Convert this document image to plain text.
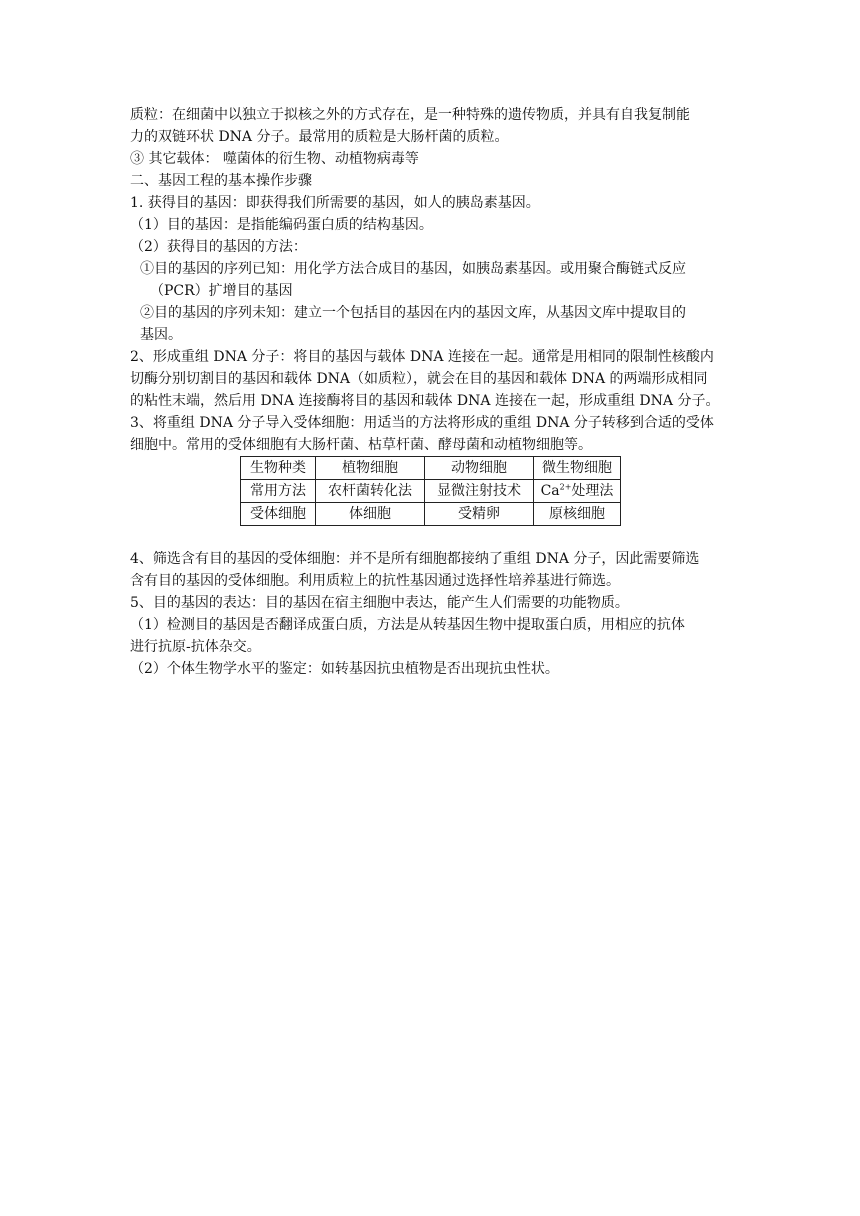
质粒：在细菌中以独立于拟核之外的方式存在，是一种特殊的遗传物质，并具有自我复制能
力的双链环状 DNA 分子。最常用的质粒是大肠杆菌的质粒。
③ 其它载体： 噬菌体的衍生物、动植物病毒等
二、基因工程的基本操作步骤
1. 获得目的基因：即获得我们所需要的基因，如人的胰岛素基因。
（1）目的基因：是指能编码蛋白质的结构基因。
（2）获得目的基因的方法：
①目的基因的序列已知：用化学方法合成目的基因，如胰岛素基因。或用聚合酶链式反应
（PCR）扩增目的基因
②目的基因的序列未知：建立一个包括目的基因在内的基因文库，从基因文库中提取目的
基因。
2、形成重组 DNA 分子：将目的基因与载体 DNA 连接在一起。通常是用相同的限制性核酸内
切酶分别切割目的基因和载体 DNA（如质粒），就会在目的基因和载体 DNA 的两端形成相同
的粘性末端，然后用 DNA 连接酶将目的基因和载体 DNA 连接在一起，形成重组 DNA 分子。
3、将重组 DNA 分子导入受体细胞：用适当的方法将形成的重组 DNA 分子转移到合适的受体
细胞中。常用的受体细胞有大肠杆菌、枯草杆菌、酵母菌和动植物细胞等。
生物种类	植物细胞	动物细胞	微生物细胞
常用方法	农杆菌转化法	显微注射技术	$Ca^{2+}$处理法
受体细胞	体细胞	受精卵	原核细胞
4、筛选含有目的基因的受体细胞：并不是所有细胞都接纳了重组 DNA 分子，因此需要筛选
含有目的基因的受体细胞。利用质粒上的抗性基因通过选择性培养基进行筛选。
5、目的基因的表达：目的基因在宿主细胞中表达，能产生人们需要的功能物质。
（1）检测目的基因是否翻译成蛋白质，方法是从转基因生物中提取蛋白质，用相应的抗体
进行抗原-抗体杂交。
（2）个体生物学水平的鉴定：如转基因抗虫植物是否出现抗虫性状。
